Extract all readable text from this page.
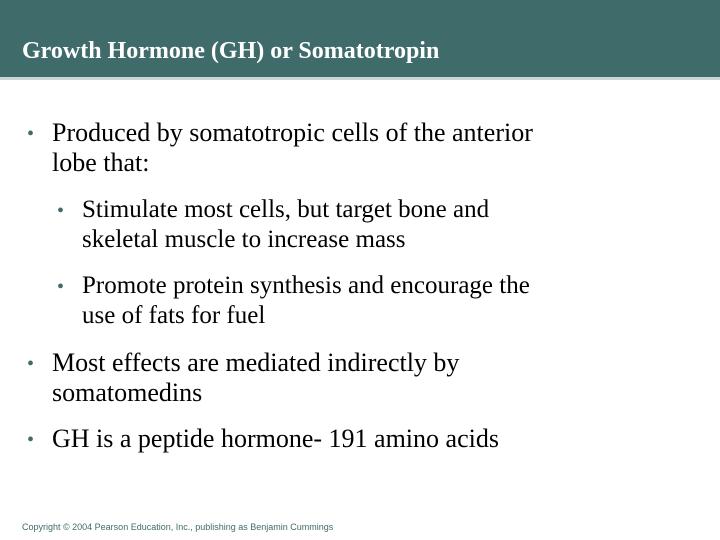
Growth Hormone (GH) or Somatotropin
• Produced by somatotropic cells of the anterior
lobe that:
• Stimulate most cells, but target bone and
skeletal muscle to increase mass
• Promote protein synthesis and encourage the
use of fats for fuel
• Most effects are mediated indirectly by
somatomedins
• GH is a peptide hormone- 191 amino acids
Copyright © 2004 Pearson Education, Inc., publishing as Benjamin Cummings
